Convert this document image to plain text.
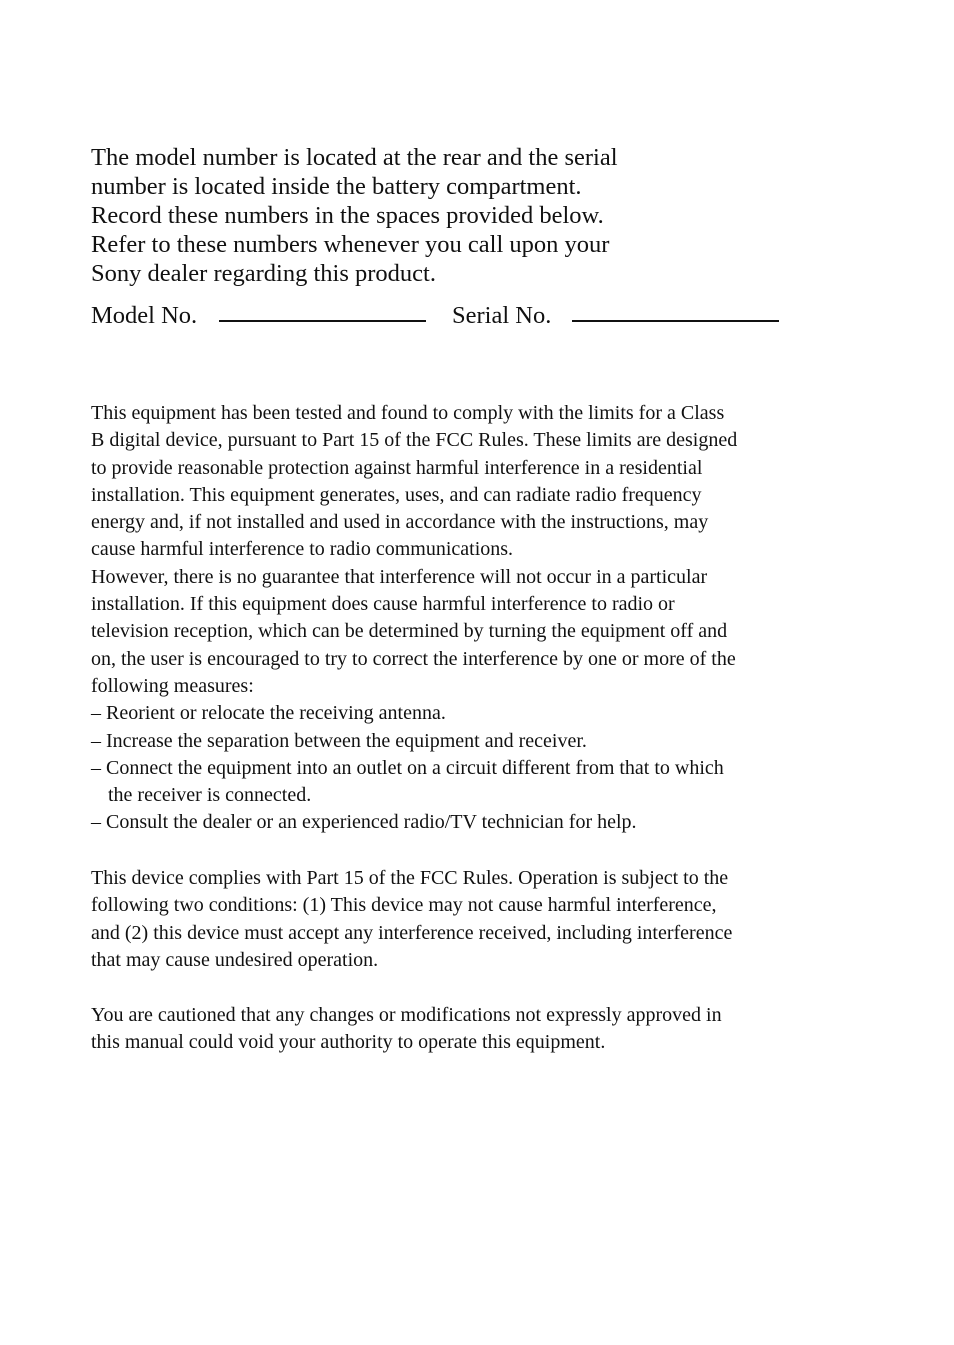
The model number is located at the rear and the serial
number is located inside the battery compartment.
Record these numbers in the spaces provided below.
Refer to these numbers whenever you call upon your
Sony dealer regarding this product.
Model No.	Serial No.
This equipment has been tested and found to comply with the limits for a Class
B digital device, pursuant to Part 15 of the FCC Rules. These limits are designed
to provide reasonable protection against harmful interference in a residential
installation. This equipment generates, uses, and can radiate radio frequency
energy and, if not installed and used in accordance with the instructions, may
cause harmful interference to radio communications.
However, there is no guarantee that interference will not occur in a particular
installation. If this equipment does cause harmful interference to radio or
television reception, which can be determined by turning the equipment off and
on, the user is encouraged to try to correct the interference by one or more of the
following measures:
– Reorient or relocate the receiving antenna.
– Increase the separation between the equipment and receiver.
– Connect the equipment into an outlet on a circuit different from that to which
the receiver is connected.
– Consult the dealer or an experienced radio/TV technician for help.
This device complies with Part 15 of the FCC Rules. Operation is subject to the
following two conditions: (1) This device may not cause harmful interference,
and (2) this device must accept any interference received, including interference
that may cause undesired operation.
You are cautioned that any changes or modifications not expressly approved in
this manual could void your authority to operate this equipment.
